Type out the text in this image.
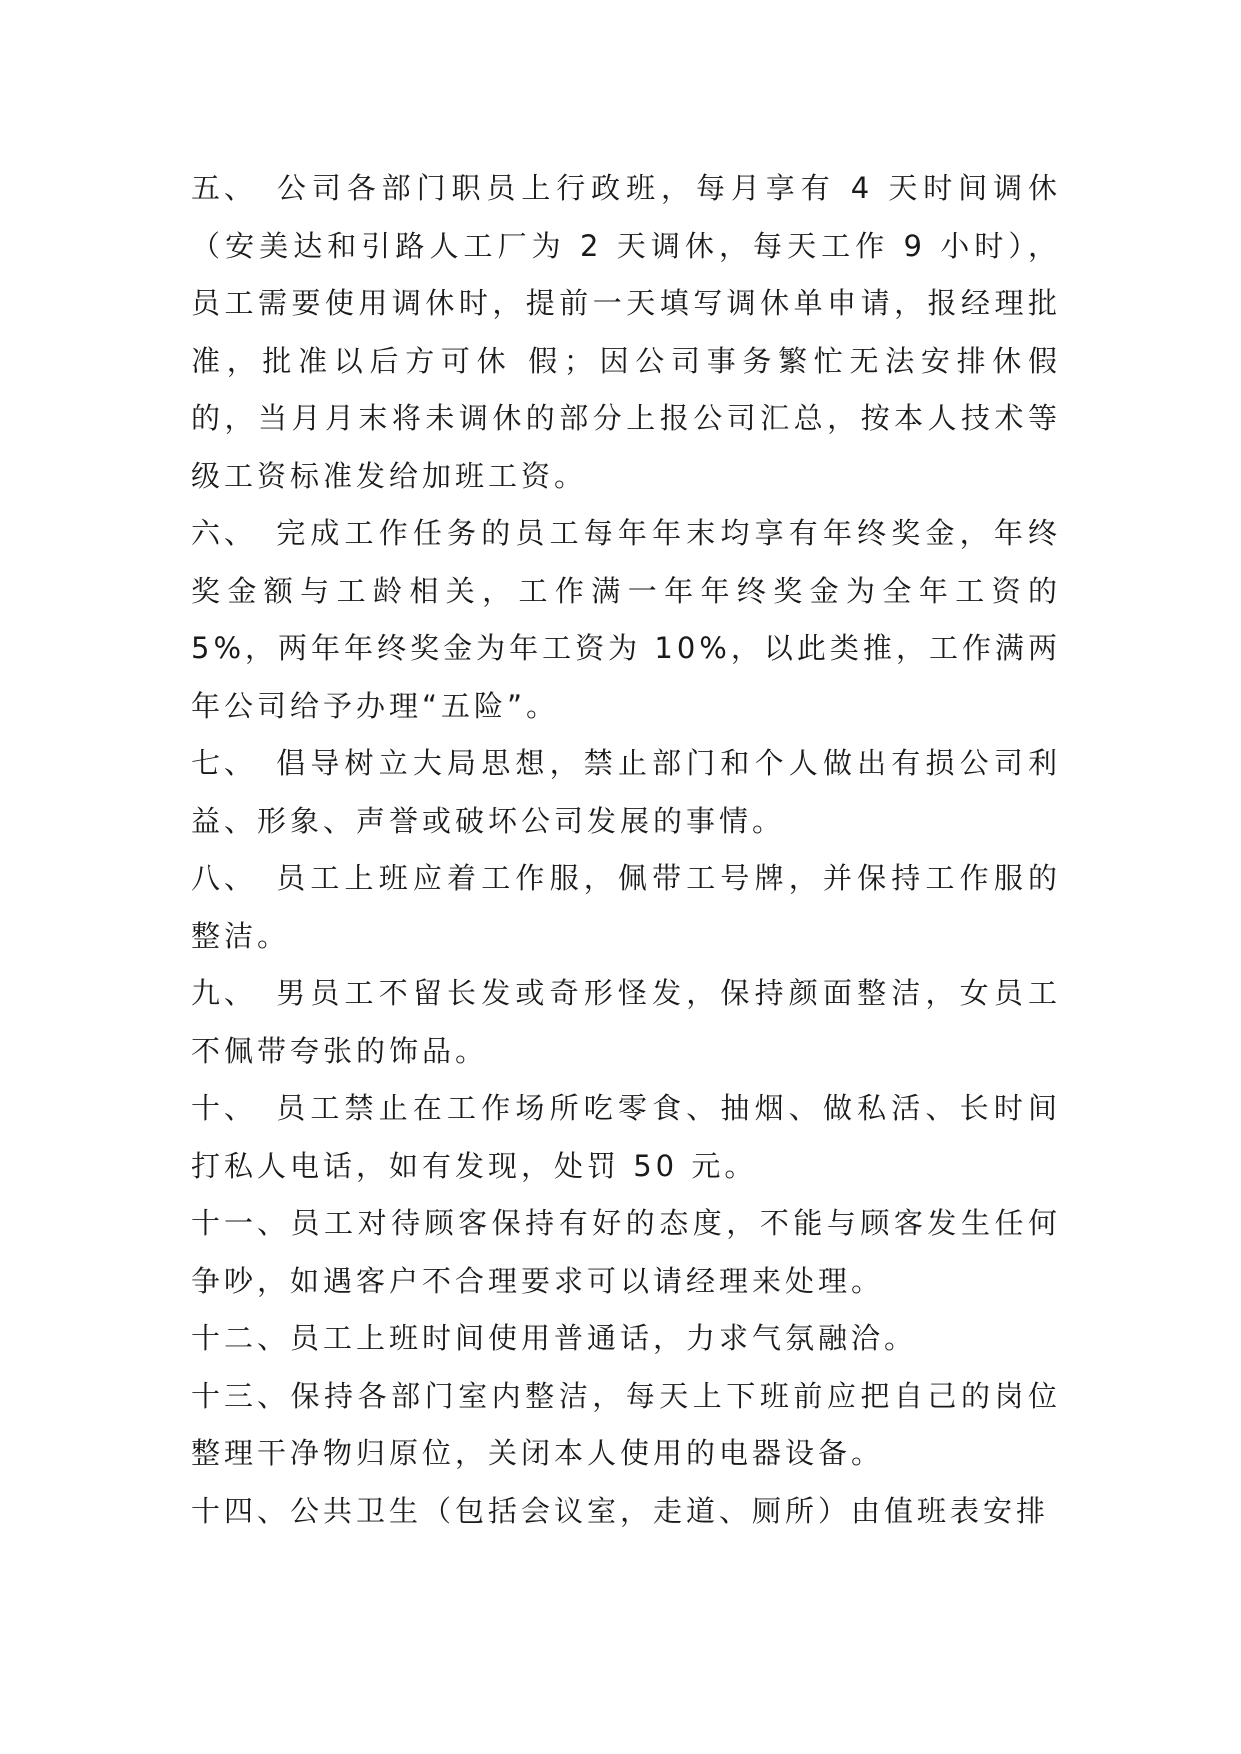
五、 公司各部门职员上行政班，每月享有 4 天时间调休（安美达和引路人工厂为 2 天调休，每天工作 9 小时），员工需要使用调休时，提前一天填写调休单申请，报经理批准，批准以后方可休 假；因公司事务繁忙无法安排休假的，当月月末将未调休的部分上报公司汇总，按本人技术等级工资标准发给加班工资。

六、 完成工作任务的员工每年年末均享有年终奖金，年终奖金额与工龄相关，工作满一年年终奖金为全年工资的 5%，两年年终奖金为年工资为 10%，以此类推，工作满两年公司给予办理“五险”。

七、 倡导树立大局思想，禁止部门和个人做出有损公司利益、形象、声誉或破坏公司发展的事情。

八、 员工上班应着工作服，佩带工号牌，并保持工作服的整洁。

九、 男员工不留长发或奇形怪发，保持颜面整洁，女员工不佩带夸张的饰品。

十、 员工禁止在工作场所吃零食、抽烟、做私活、长时间打私人电话，如有发现，处罚 50 元。

十一、员工对待顾客保持有好的态度，不能与顾客发生任何争吵，如遇客户不合理要求可以请经理来处理。

十二、员工上班时间使用普通话，力求气氛融洽。

十三、保持各部门室内整洁，每天上下班前应把自己的岗位整理干净物归原位，关闭本人使用的电器设备。

十四、公共卫生（包括会议室，走道、厕所）由值班表安排
